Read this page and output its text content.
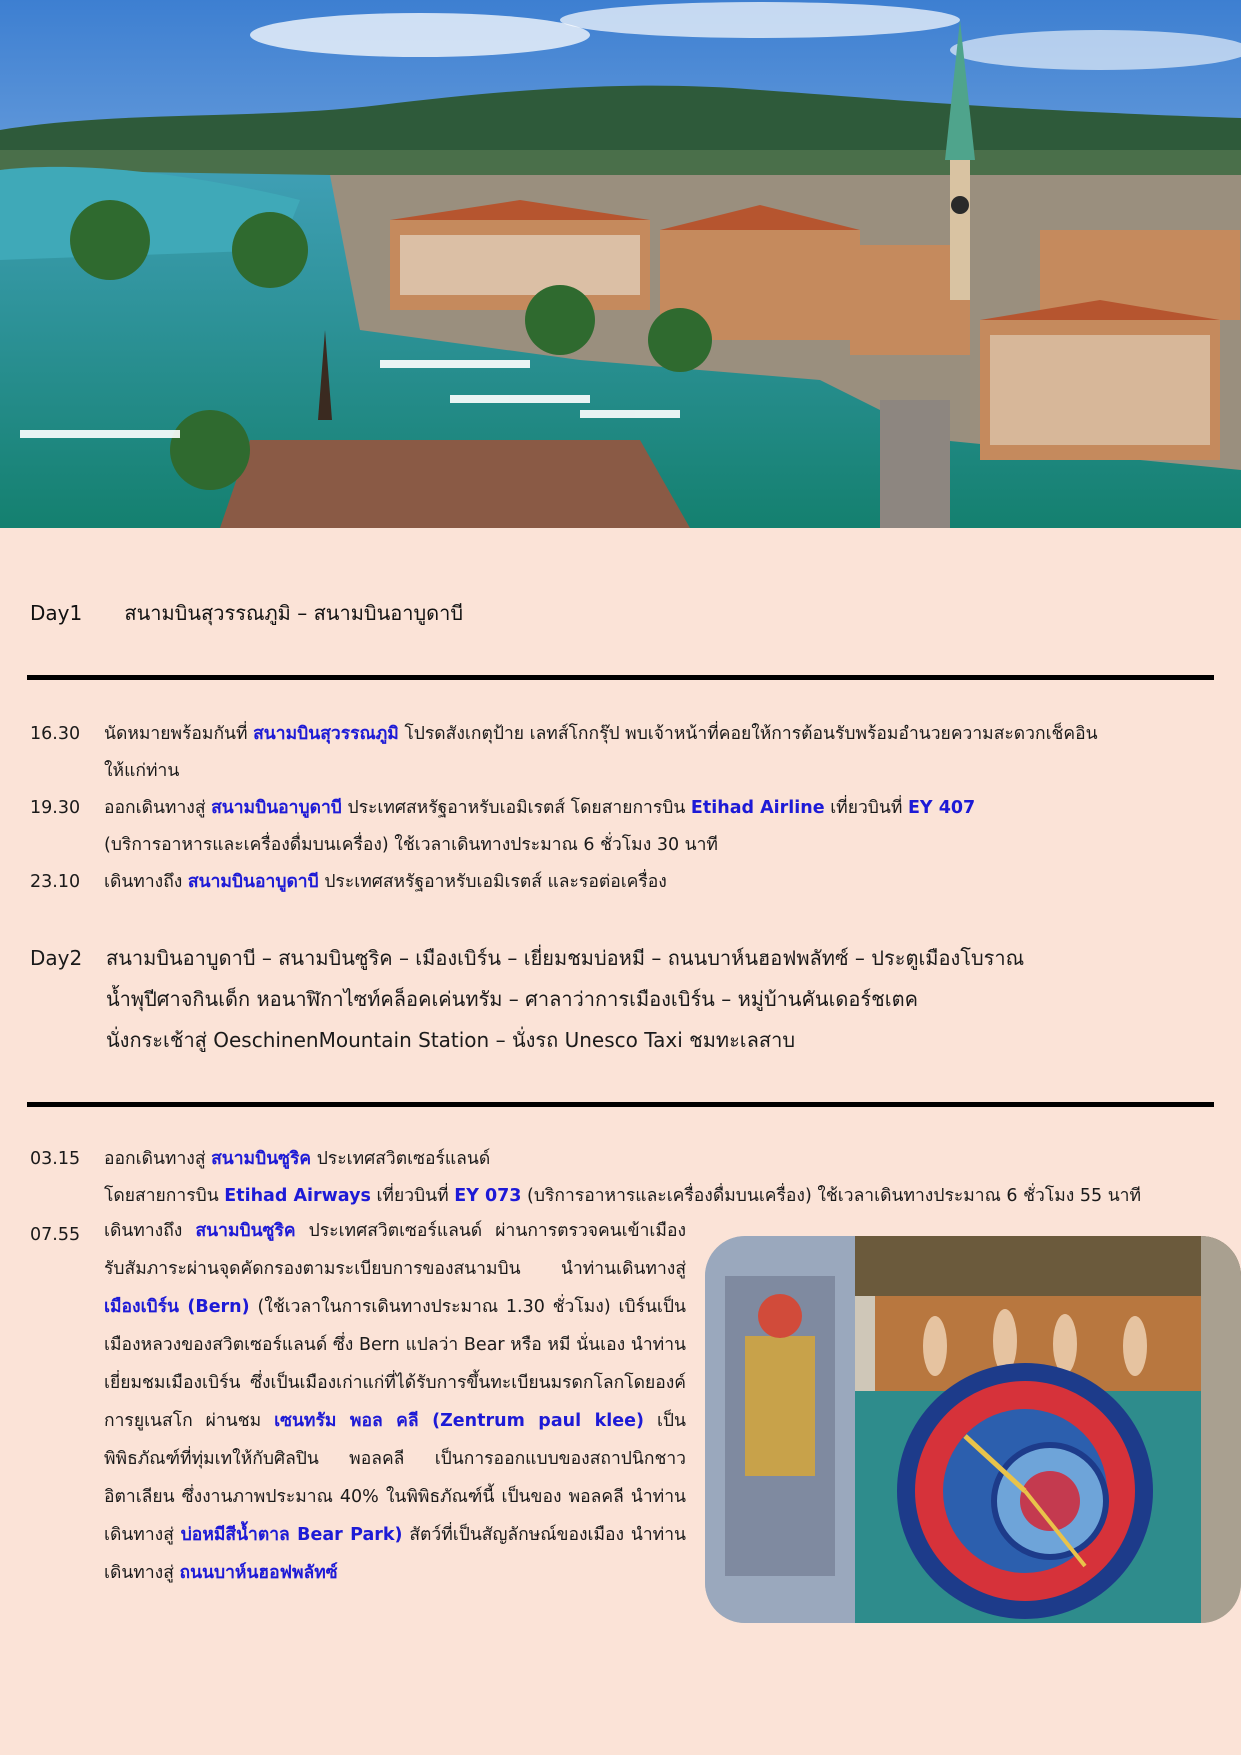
Day1 สนามบินสุวรรณภูมิ – สนามบินอาบูดาบี
16.30	นัดหมายพร้อมกันที่ สนามบินสุวรรณภูมิ โปรดสังเกตุป้าย เลทส์โกกรุ๊ป พบเจ้าหน้าที่คอยให้การต้อนรับพร้อมอำนวยความสะดวกเช็คอิน
ให้แก่ท่าน
19.30	ออกเดินทางสู่ สนามบินอาบูดาบี ประเทศสหรัฐอาหรับเอมิเรตส์ โดยสายการบิน Etihad Airline เที่ยวบินที่ EY 407
(บริการอาหารและเครื่องดื่มบนเครื่อง) ใช้เวลาเดินทางประมาณ 6 ชั่วโมง 30 นาที
23.10	เดินทางถึง สนามบินอาบูดาบี ประเทศสหรัฐอาหรับเอมิเรตส์ และรอต่อเครื่อง
Day2 สนามบินอาบูดาบี – สนามบินซูริค – เมืองเบิร์น – เยี่ยมชมบ่อหมี – ถนนบาห์นฮอฟพลัทซ์ – ประตูเมืองโบราณ
น้ำพุปีศาจกินเด็ก หอนาฬิกาไซท์คล็อคเค่นทรัม – ศาลาว่าการเมืองเบิร์น – หมู่บ้านคันเดอร์ชเตค
นั่งกระเช้าสู่ OeschinenMountain Station – นั่งรถ Unesco Taxi ชมทะเลสาบ
03.15	ออกเดินทางสู่ สนามบินซูริค ประเทศสวิตเซอร์แลนด์
โดยสายการบิน Etihad Airways เที่ยวบินที่ EY 073 (บริการอาหารและเครื่องดื่มบนเครื่อง) ใช้เวลาเดินทางประมาณ 6 ชั่วโมง 55 นาที
07.55	เดินทางถึง สนามบินซูริค ประเทศสวิตเซอร์แลนด์ ผ่านการตรวจคนเข้าเมือง รับสัมภาระผ่านจุดคัดกรองตามระเบียบการของสนามบิน นำท่านเดินทางสู่ เมืองเบิร์น (Bern) (ใช้เวลาในการเดินทางประมาณ 1.30 ชั่วโมง) เบิร์นเป็นเมืองหลวงของสวิตเซอร์แลนด์ ซึ่ง Bern แปลว่า Bear หรือ หมี นั่นเอง นำท่านเยี่ยมชมเมืองเบิร์น ซึ่งเป็นเมืองเก่าแก่ที่ได้รับการขึ้นทะเบียนมรดกโลกโดยองค์การยูเนสโก ผ่านชม เซนทรัม พอล คลี (Zentrum paul klee) เป็นพิพิธภัณฑ์ที่ทุ่มเทให้กับศิลปิน พอลคลี เป็นการออกแบบของสถาปนิกชาวอิตาเลียน ซึ่งงานภาพประมาณ 40% ในพิพิธภัณฑ์นี้ เป็นของ พอลคลี นำท่านเดินทางสู่ บ่อหมีสีน้ำตาล Bear Park) สัตว์ที่เป็นสัญลักษณ์ของเมือง นำท่านเดินทางสู่ ถนนบาห์นฮอฟพลัทซ์
